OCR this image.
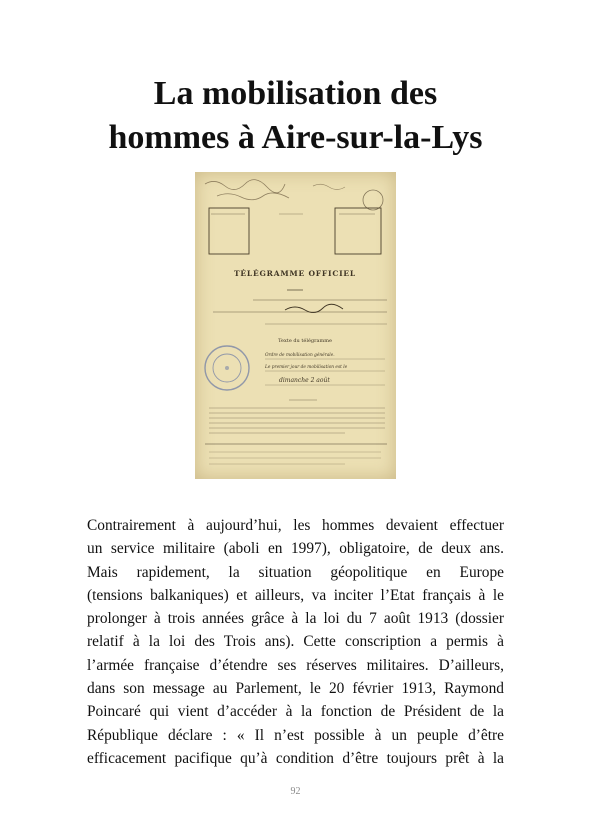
La mobilisation des
hommes à Aire-sur-la-Lys
TÉLÉGRAMME OFFICIEL
Texte du télégramme
Ordre de mobilisation générale.
Le premier jour de mobilisation est le
dimanche 2 août

Contrairement à aujourd’hui, les hommes devaient effectuer
un service militaire (aboli en 1997), obligatoire, de deux ans.
Mais rapidement, la situation géopolitique en Europe
(tensions balkaniques) et ailleurs, va inciter l’Etat français à le
prolonger à trois années grâce à la loi du 7 août 1913 (dossier
relatif à la loi des Trois ans). Cette conscription a permis à
l’armée française d’étendre ses réserves militaires. D’ailleurs,
dans son message au Parlement, le 20 février 1913, Raymond
Poincaré qui vient d’accéder à la fonction de Président de la
République déclare : « Il n’est possible à un peuple d’être
efficacement pacifique qu’à condition d’être toujours prêt à la

92
